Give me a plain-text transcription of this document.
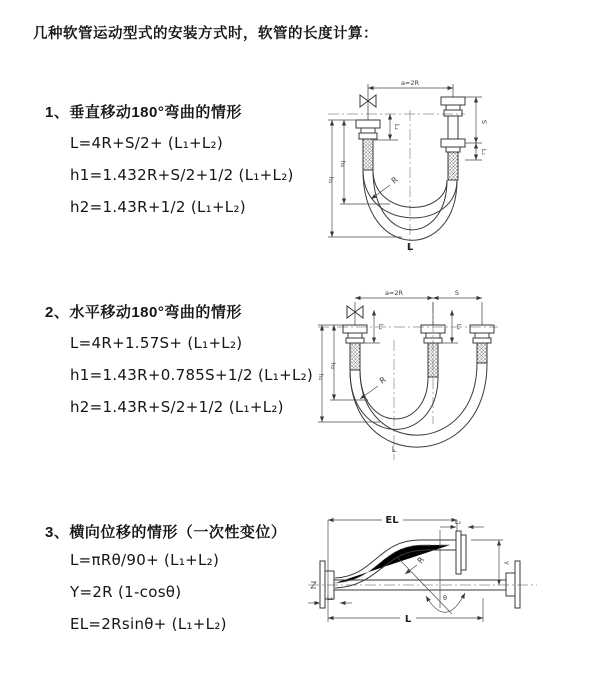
几种软管运动型式的安装方式时，软管的长度计算：
1、垂直移动180°弯曲的情形
L=4R+S/2+ (L₁+L₂)
h1=1.432R+S/2+1/2 (L₁+L₂)
h2=1.43R+1/2 (L₁+L₂)
a=2R
S
L₂
L₁
h₂
h₁	R
L
2、水平移动180°弯曲的情形
L=4R+1.57S+ (L₁+L₂)
h1=1.43R+0.785S+1/2 (L₁+L₂)
h2=1.43R+S/2+1/2 (L₁+L₂)
a=2R	S
L₁	L₁
h₂
h₁	R
L
3、横向位移的情形（一次性变位）
L=πRθ/90+ (L₁+L₂)
Y=2R (1-cosθ)
EL=2Rsinθ+ (L₁+L₂)
EL	L₂
Y
R
θ
L
L₁
